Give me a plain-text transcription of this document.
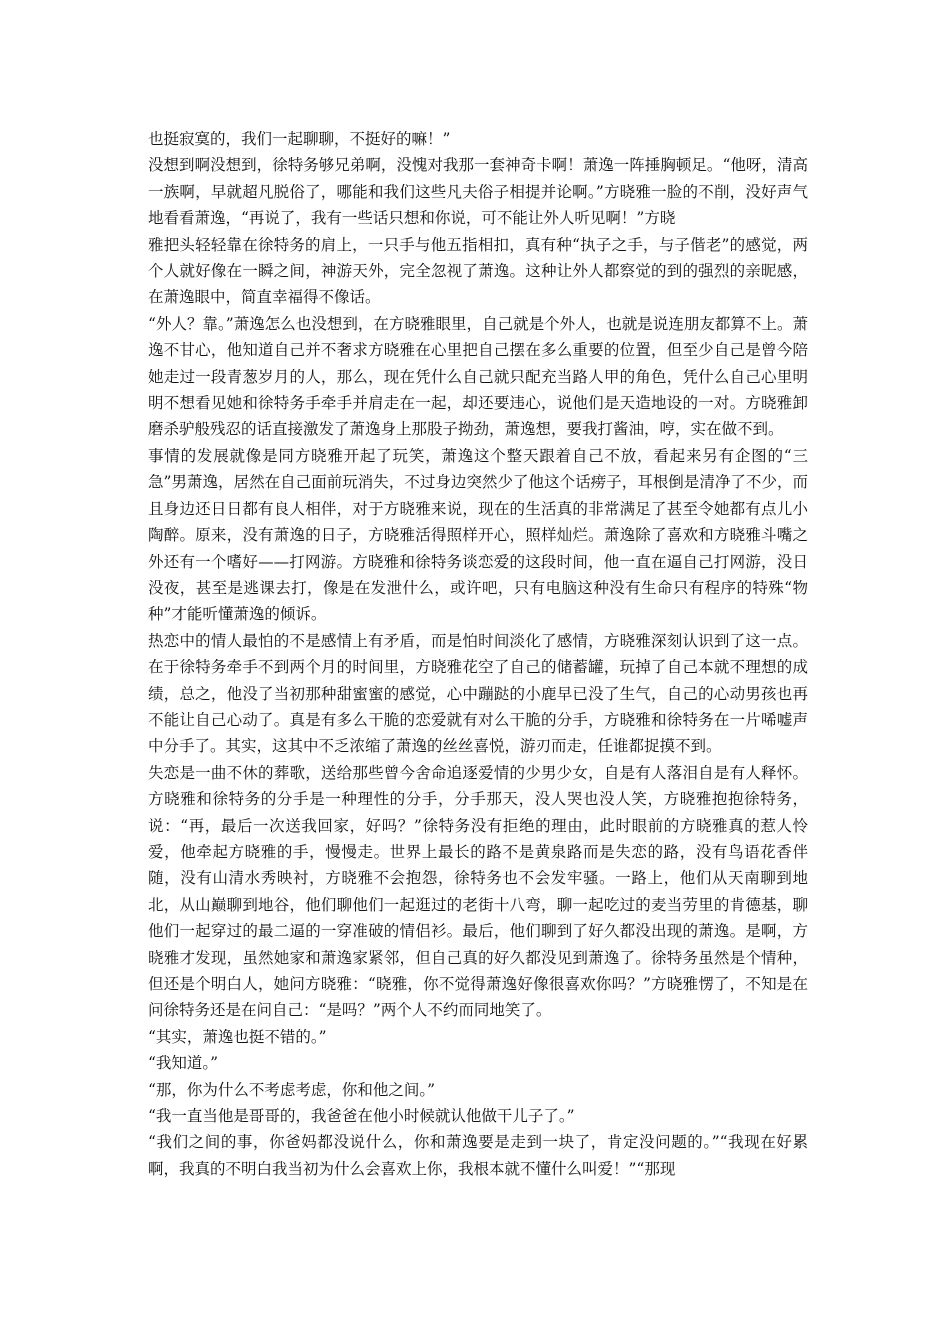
也挺寂寞的，我们一起聊聊，不挺好的嘛！”

没想到啊没想到，徐特务够兄弟啊，没愧对我那一套神奇卡啊！萧逸一阵捶胸顿足。“他呀，清高一族啊，早就超凡脱俗了，哪能和我们这些凡夫俗子相提并论啊。”方晓雅一脸的不削，没好声气地看看萧逸，“再说了，我有一些话只想和你说，可不能让外人听见啊！”方晓

雅把头轻轻靠在徐特务的肩上，一只手与他五指相扣，真有种“执子之手，与子偕老”的感觉，两个人就好像在一瞬之间，神游天外，完全忽视了萧逸。这种让外人都察觉的到的强烈的亲昵感，在萧逸眼中，简直幸福得不像话。

“外人？靠。”萧逸怎么也没想到，在方晓雅眼里，自己就是个外人，也就是说连朋友都算不上。萧逸不甘心，他知道自己并不奢求方晓雅在心里把自己摆在多么重要的位置，但至少自己是曾今陪她走过一段青葱岁月的人，那么，现在凭什么自己就只配充当路人甲的角色，凭什么自己心里明明不想看见她和徐特务手牵手并肩走在一起，却还要违心，说他们是天造地设的一对。方晓雅卸磨杀驴般残忍的话直接激发了萧逸身上那股子拗劲，萧逸想，要我打酱油，哼，实在做不到。

事情的发展就像是同方晓雅开起了玩笑，萧逸这个整天跟着自己不放，看起来另有企图的“三急”男萧逸，居然在自己面前玩消失，不过身边突然少了他这个话痨子，耳根倒是清净了不少，而且身边还日日都有良人相伴，对于方晓雅来说，现在的生活真的非常满足了甚至令她都有点儿小陶醉。原来，没有萧逸的日子，方晓雅活得照样开心，照样灿烂。萧逸除了喜欢和方晓雅斗嘴之外还有一个嗜好——打网游。方晓雅和徐特务谈恋爱的这段时间，他一直在逼自己打网游，没日没夜，甚至是逃课去打，像是在发泄什么，或许吧，只有电脑这种没有生命只有程序的特殊“物种”才能听懂萧逸的倾诉。

热恋中的情人最怕的不是感情上有矛盾，而是怕时间淡化了感情，方晓雅深刻认识到了这一点。在于徐特务牵手不到两个月的时间里，方晓雅花空了自己的储蓄罐，玩掉了自己本就不理想的成绩，总之，他没了当初那种甜蜜蜜的感觉，心中蹦跶的小鹿早已没了生气，自己的心动男孩也再不能让自己心动了。真是有多么干脆的恋爱就有对么干脆的分手，方晓雅和徐特务在一片唏嘘声中分手了。其实，这其中不乏浓缩了萧逸的丝丝喜悦，游刃而走，任谁都捉摸不到。

失恋是一曲不休的葬歌，送给那些曾今舍命追逐爱情的少男少女，自是有人落泪自是有人释怀。方晓雅和徐特务的分手是一种理性的分手，分手那天，没人哭也没人笑，方晓雅抱抱徐特务，说：“再，最后一次送我回家，好吗？”徐特务没有拒绝的理由，此时眼前的方晓雅真的惹人怜爱，他牵起方晓雅的手，慢慢走。世界上最长的路不是黄泉路而是失恋的路，没有鸟语花香伴随，没有山清水秀映衬，方晓雅不会抱怨，徐特务也不会发牢骚。一路上，他们从天南聊到地北，从山巅聊到地谷，他们聊他们一起逛过的老街十八弯，聊一起吃过的麦当劳里的肯德基，聊他们一起穿过的最二逼的一穿准破的情侣衫。最后，他们聊到了好久都没出现的萧逸。是啊，方晓雅才发现，虽然她家和萧逸家紧邻，但自己真的好久都没见到萧逸了。徐特务虽然是个情种，但还是个明白人，她问方晓雅：“晓雅，你不觉得萧逸好像很喜欢你吗？”方晓雅愣了，不知是在问徐特务还是在问自己：“是吗？”两个人不约而同地笑了。

“其实，萧逸也挺不错的。”

“我知道。”

“那，你为什么不考虑考虑，你和他之间。”

“我一直当他是哥哥的，我爸爸在他小时候就认他做干儿子了。”

“我们之间的事，你爸妈都没说什么，你和萧逸要是走到一块了，肯定没问题的。”“我现在好累啊，我真的不明白我当初为什么会喜欢上你，我根本就不懂什么叫爱！”“那现
